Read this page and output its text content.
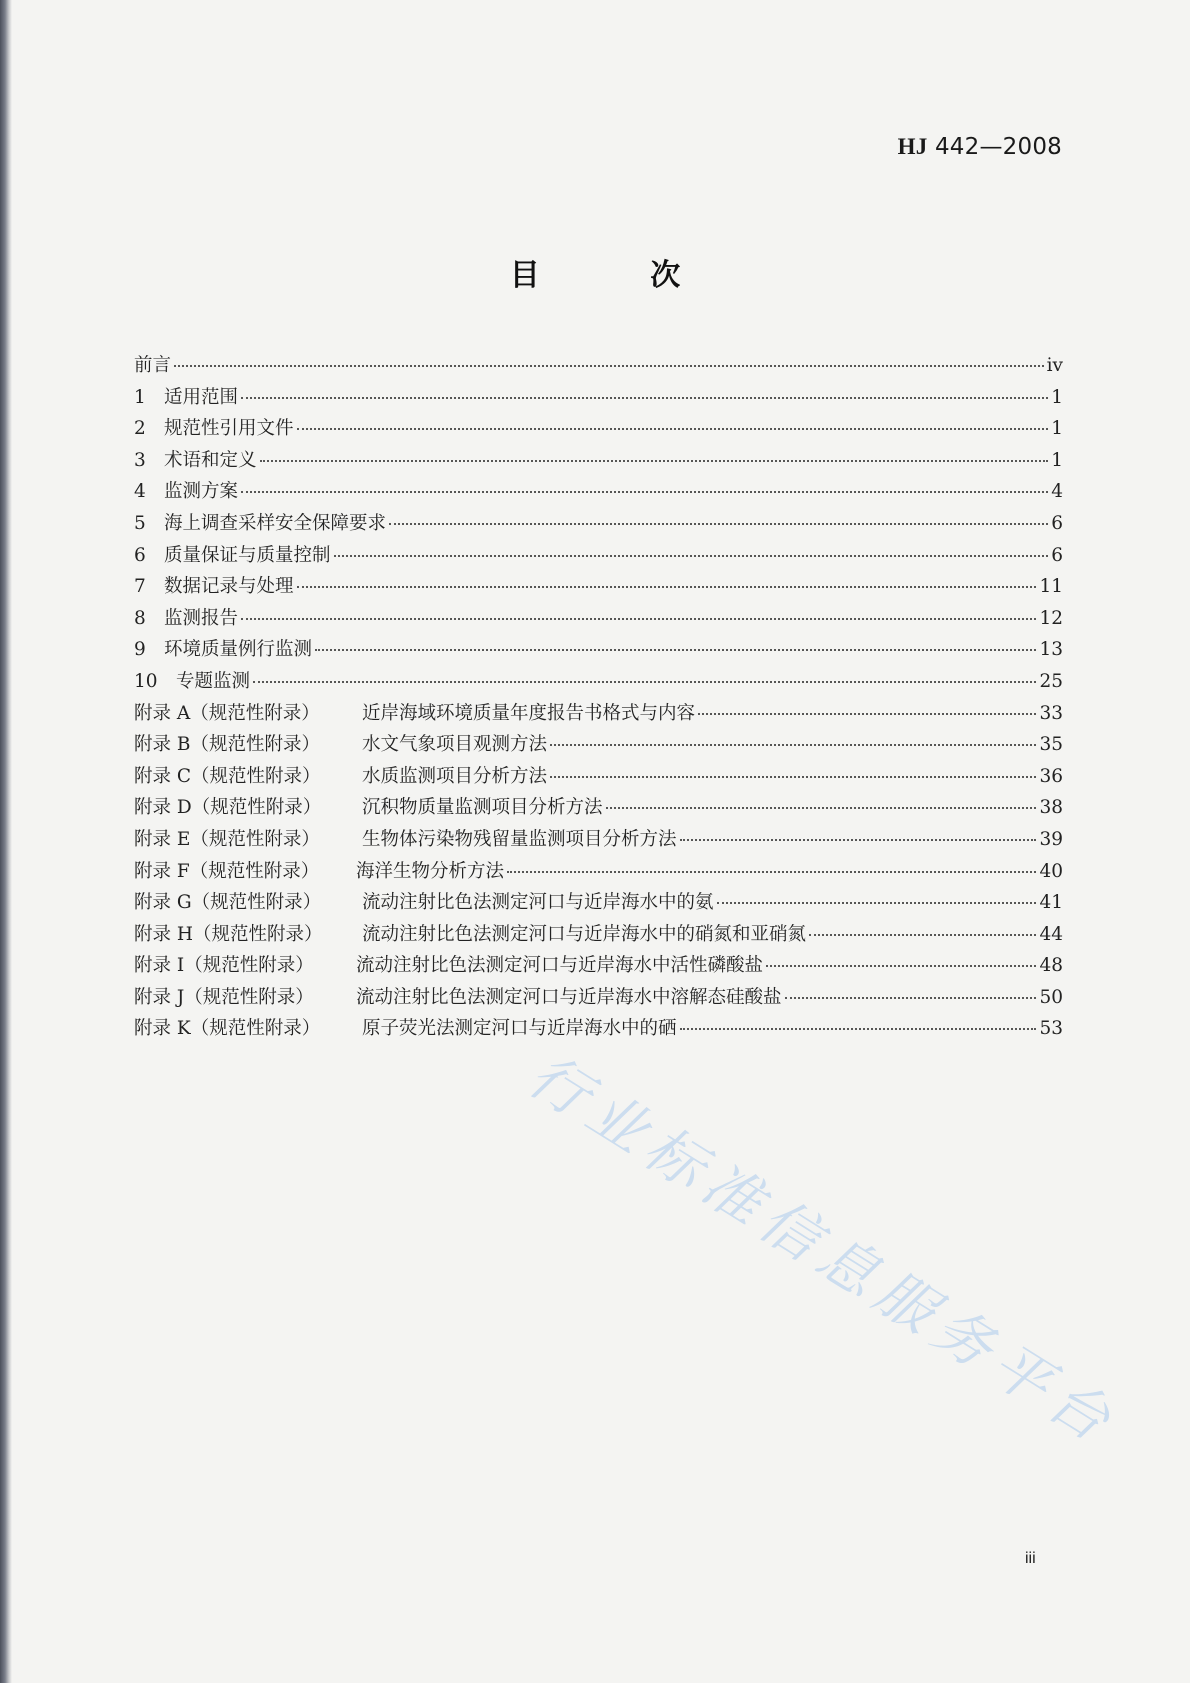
HJ 442—2008
目 次
前言	iv
1 适用范围	1
2 规范性引用文件	1
3 术语和定义	1
4 监测方案	4
5 海上调查采样安全保障要求	6
6 质量保证与质量控制	6
7 数据记录与处理	11
8 监测报告	12
9 环境质量例行监测	13
10 专题监测	25
附录 A（规范性附录）	近岸海域环境质量年度报告书格式与内容	33
附录 B（规范性附录）	水文气象项目观测方法	35
附录 C（规范性附录）	水质监测项目分析方法	36
附录 D（规范性附录）	沉积物质量监测项目分析方法	38
附录 E（规范性附录）	生物体污染物残留量监测项目分析方法	39
附录 F（规范性附录）	海洋生物分析方法	40
附录 G（规范性附录）	流动注射比色法测定河口与近岸海水中的氨	41
附录 H（规范性附录）	流动注射比色法测定河口与近岸海水中的硝氮和亚硝氮	44
附录 I（规范性附录）	流动注射比色法测定河口与近岸海水中活性磷酸盐	48
附录 J（规范性附录）	流动注射比色法测定河口与近岸海水中溶解态硅酸盐	50
附录 K（规范性附录）	原子荧光法测定河口与近岸海水中的硒	53
行业标准信息服务平台
iii
